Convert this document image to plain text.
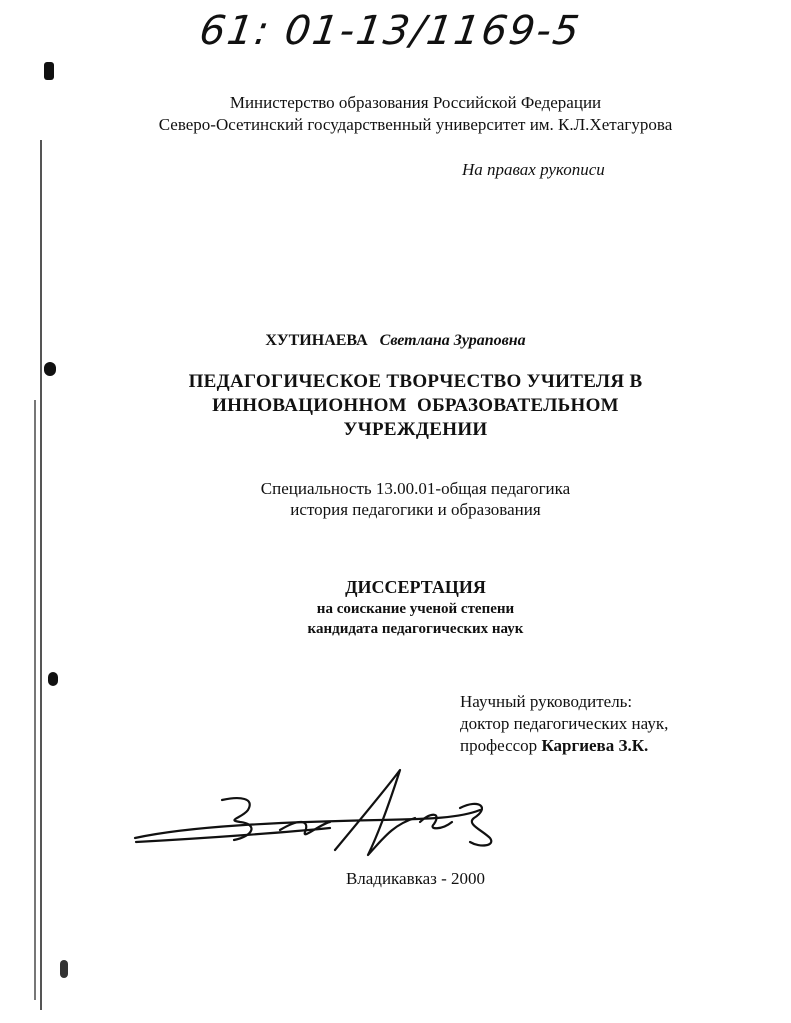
61: 01-13/1169-5
Министерство образования Российской Федерации
Северо-Осетинский государственный университет им. К.Л.Хетагурова
На правах рукописи
ХУТИНАЕВА Светлана Зураповна
ПЕДАГОГИЧЕСКОЕ ТВОРЧЕСТВО УЧИТЕЛЯ В
ИННОВАЦИОННОМ  ОБРАЗОВАТЕЛЬНОМ
УЧРЕЖДЕНИИ
Специальность 13.00.01-общая педагогика
история педагогики и образования
ДИССЕРТАЦИЯ
на соискание ученой степени
кандидата педагогических наук
Научный руководитель:
доктор педагогических наук,
профессор Каргиева З.К.
Владикавказ - 2000
